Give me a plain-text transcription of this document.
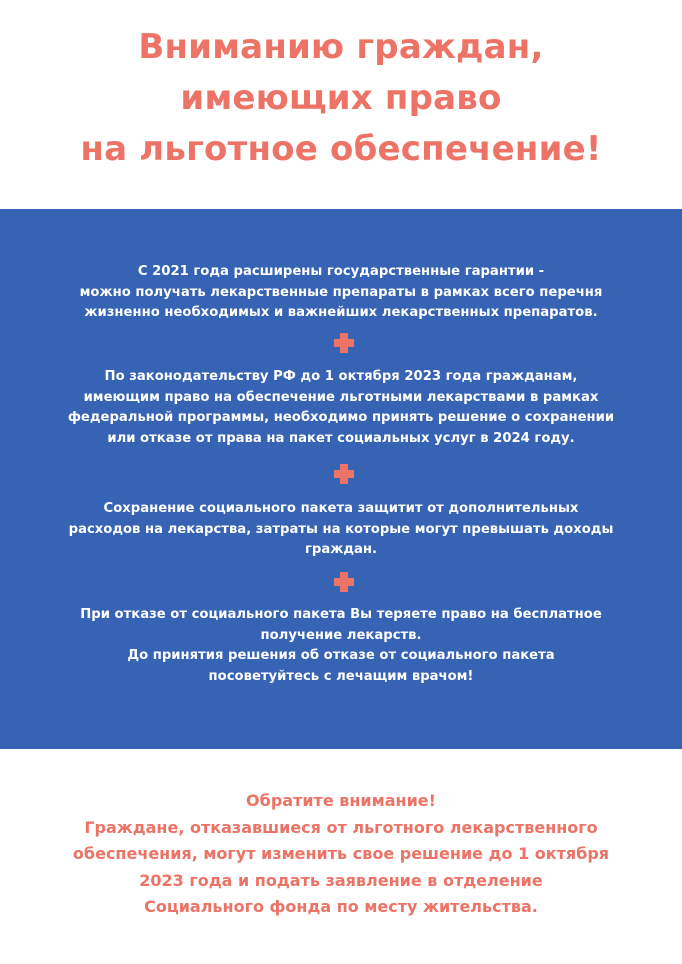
Вниманию граждан,
имеющих право
на льготное обеспечение!
С 2021 года расширены государственные гарантии -
можно получать лекарственные препараты в рамках всего перечня
жизненно необходимых и важнейших лекарственных препаратов.
По законодательству РФ до 1 октября 2023 года гражданам,
имеющим право на обеспечение льготными лекарствами в рамках
федеральной программы, необходимо принять решение о сохранении
или отказе от права на пакет социальных услуг в 2024 году.
Сохранение социального пакета защитит от дополнительных
расходов на лекарства, затраты на которые могут превышать доходы
граждан.
При отказе от социального пакета Вы теряете право на бесплатное
получение лекарств.
До принятия решения об отказе от социального пакета
посоветуйтесь с лечащим врачом!
Обратите внимание!
Граждане, отказавшиеся от льготного лекарственного
обеспечения, могут изменить свое решение до 1 октября
2023 года и подать заявление в отделение
Социального фонда по месту жительства.
